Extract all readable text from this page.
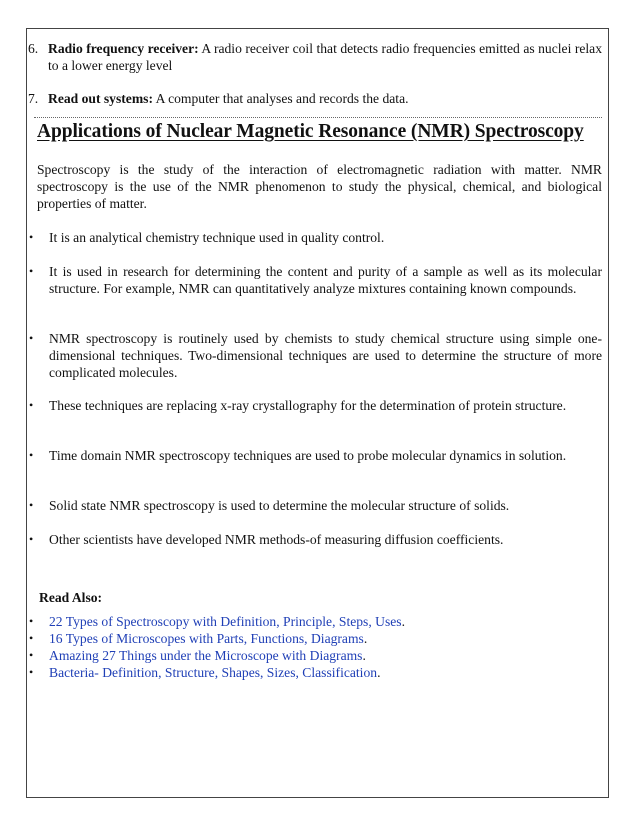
6. Radio frequency receiver: A radio receiver coil that detects radio frequencies emitted as nuclei relax to a lower energy level
7. Read out systems: A computer that analyses and records the data.
Applications of Nuclear Magnetic Resonance (NMR) Spectroscopy
Spectroscopy is the study of the interaction of electromagnetic radiation with matter. NMR spectroscopy is the use of the NMR phenomenon to study the physical, chemical, and biological properties of matter.
• It is an analytical chemistry technique used in quality control.
• It is used in research for determining the content and purity of a sample as well as its molecular structure. For example, NMR can quantitatively analyze mixtures containing known compounds.
• NMR spectroscopy is routinely used by chemists to study chemical structure using simple one-dimensional techniques. Two-dimensional techniques are used to determine the structure of more complicated molecules.
• These techniques are replacing x-ray crystallography for the determination of protein structure.
• Time domain NMR spectroscopy techniques are used to probe molecular dynamics in solution.
• Solid state NMR spectroscopy is used to determine the molecular structure of solids.
• Other scientists have developed NMR methods-of measuring diffusion coefficients.
Read Also:
• 22 Types of Spectroscopy with Definition, Principle, Steps, Uses.
• 16 Types of Microscopes with Parts, Functions, Diagrams.
• Amazing 27 Things under the Microscope with Diagrams.
• Bacteria- Definition, Structure, Shapes, Sizes, Classification.
